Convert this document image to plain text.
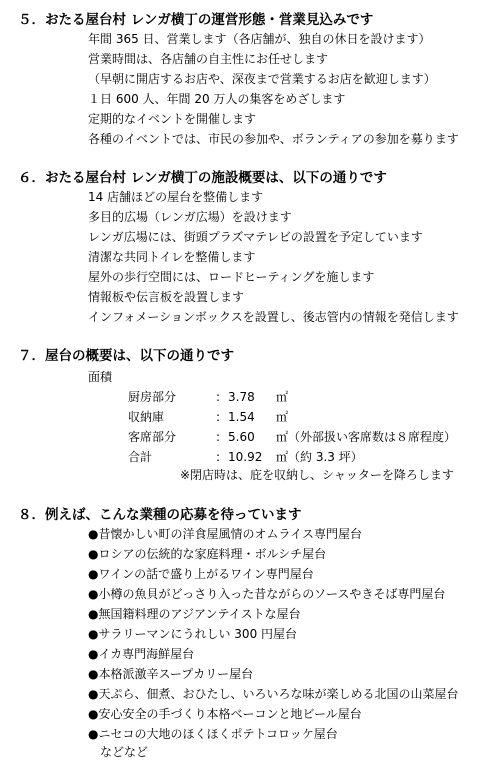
５．おたる屋台村 レンガ横丁の運営形態・営業見込みです
年間 365 日、営業します（各店舗が、独自の休日を設けます）
営業時間は、各店舗の自主性にお任せします
（早朝に開店するお店や、深夜まで営業するお店を歓迎します）
１日 600 人、年間 20 万人の集客をめざします
定期的なイベントを開催します
各種のイベントでは、市民の参加や、ボランティアの参加を募ります
６．おたる屋台村 レンガ横丁の施設概要は、以下の通りです
14 店舗ほどの屋台を整備します
多目的広場（レンガ広場）を設けます
レンガ広場には、街頭プラズマテレビの設置を予定しています
清潔な共同トイレを整備します
屋外の歩行空間には、ロードヒーティングを施します
情報板や伝言板を設置します
インフォメーションボックスを設置し、後志管内の情報を発信します
７．屋台の概要は、以下の通りです
面積
厨房部分	: 3.78 ㎡
収納庫	: 1.54 ㎡
客席部分	: 5.60 ㎡ （外部扱い客席数は８席程度）
合計	: 10.92 ㎡ （約 3.3 坪）
※閉店時は、庇を収納し、シャッターを降ろします
８．例えば、こんな業種の応募を待っています
●昔懐かしい町の洋食屋風情のオムライス専門屋台
●ロシアの伝統的な家庭料理・ボルシチ屋台
●ワインの話で盛り上がるワイン専門屋台
●小樽の魚貝がどっさり入った昔ながらのソースやきそば専門屋台
●無国籍料理のアジアンテイストな屋台
●サラリーマンにうれしい 300 円屋台
●イカ専門海鮮屋台
●本格派激辛スープカリー屋台
●天ぷら、佃煮、おひたし、いろいろな味が楽しめる北国の山菜屋台
●安心安全の手づくり本格ベーコンと地ビール屋台
●ニセコの大地のほくほくポテトコロッケ屋台
などなど
